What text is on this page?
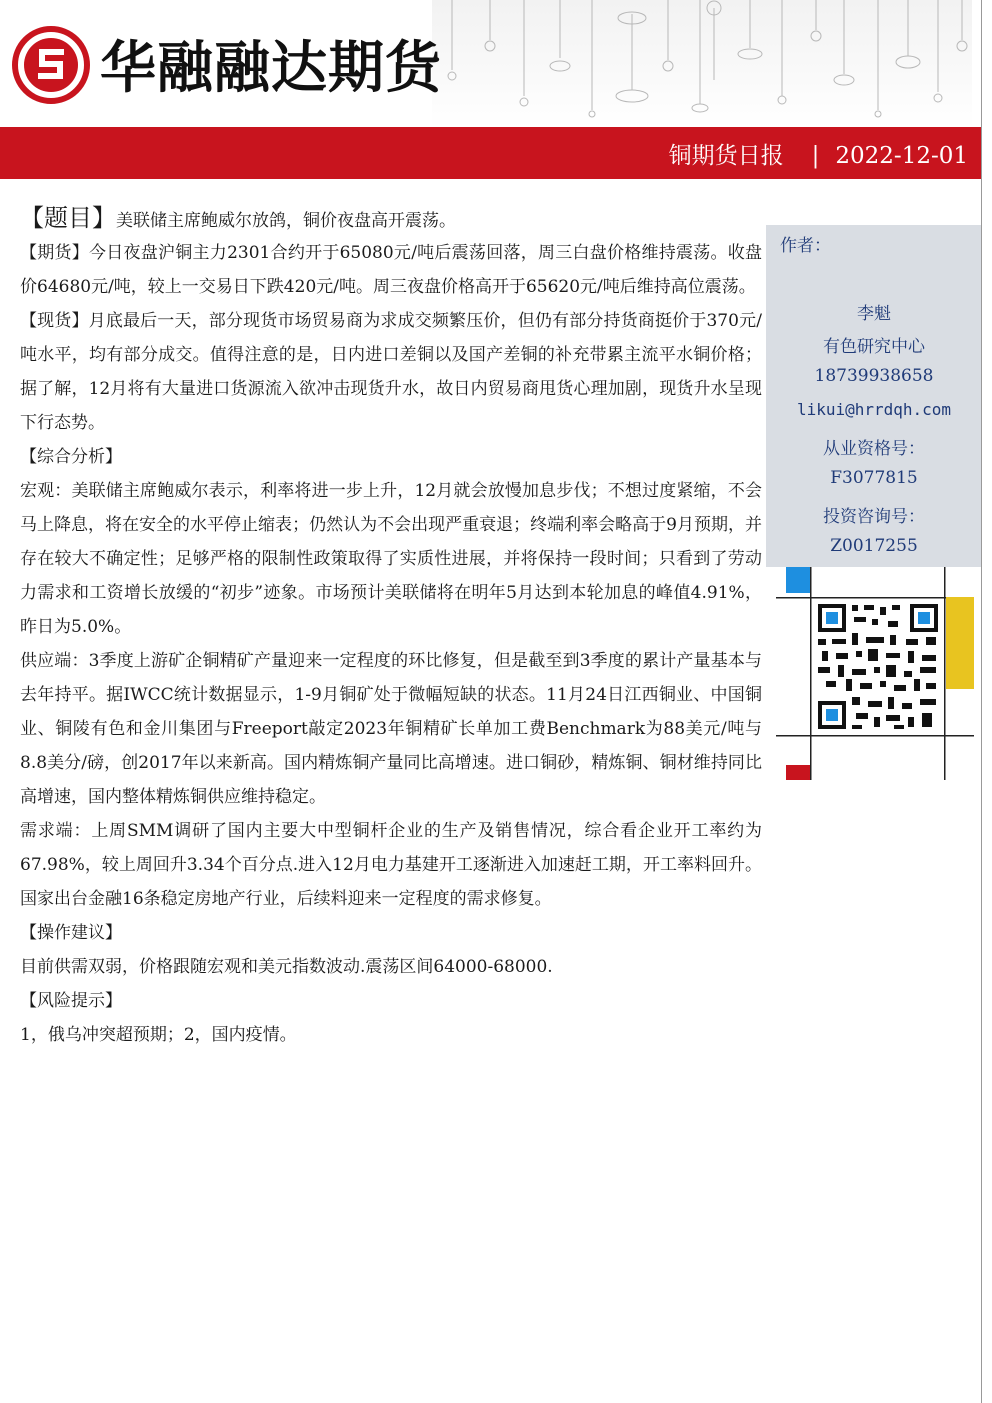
华融融达期货
铜期货日报 | 2022-12-01
【题目】美联储主席鲍威尔放鸽，铜价夜盘高开震荡。

【期货】今日夜盘沪铜主力2301合约开于65080元/吨后震荡回落，周三白盘价格维持震荡。收盘价64680元/吨，较上一交易日下跌420元/吨。周三夜盘价格高开于65620元/吨后维持高位震荡。

【现货】月底最后一天，部分现货市场贸易商为求成交频繁压价，但仍有部分持货商挺价于370元/吨水平，均有部分成交。值得注意的是，日内进口差铜以及国产差铜的补充带累主流平水铜价格；据了解，12月将有大量进口货源流入欲冲击现货升水，故日内贸易商甩货心理加剧，现货升水呈现下行态势。

【综合分析】

宏观：美联储主席鲍威尔表示，利率将进一步上升，12月就会放慢加息步伐；不想过度紧缩，不会马上降息，将在安全的水平停止缩表；仍然认为不会出现严重衰退；终端利率会略高于9月预期，并存在较大不确定性；足够严格的限制性政策取得了实质性进展，并将保持一段时间；只看到了劳动力需求和工资增长放缓的“初步”迹象。市场预计美联储将在明年5月达到本轮加息的峰值4.91%，昨日为5.0%。

供应端：3季度上游矿企铜精矿产量迎来一定程度的环比修复，但是截至到3季度的累计产量基本与去年持平。据IWCC统计数据显示，1-9月铜矿处于微幅短缺的状态。11月24日江西铜业、中国铜业、铜陵有色和金川集团与Freeport敲定2023年铜精矿长单加工费Benchmark为88美元/吨与8.8美分/磅，创2017年以来新高。国内精炼铜产量同比高增速。进口铜砂，精炼铜、铜材维持同比高增速，国内整体精炼铜供应维持稳定。

需求端：上周SMM调研了国内主要大中型铜杆企业的生产及销售情况，综合看企业开工率约为67.98%，较上周回升3.34个百分点.进入12月电力基建开工逐渐进入加速赶工期，开工率料回升。国家出台金融16条稳定房地产行业，后续料迎来一定程度的需求修复。

【操作建议】

目前供需双弱，价格跟随宏观和美元指数波动.震荡区间64000-68000.

【风险提示】

1，俄乌冲突超预期；2，国内疫情。

作者：
李魁
有色研究中心
18739938658
likui@hrrdqh.com
从业资格号：
F3077815
投资咨询号：
Z0017255
